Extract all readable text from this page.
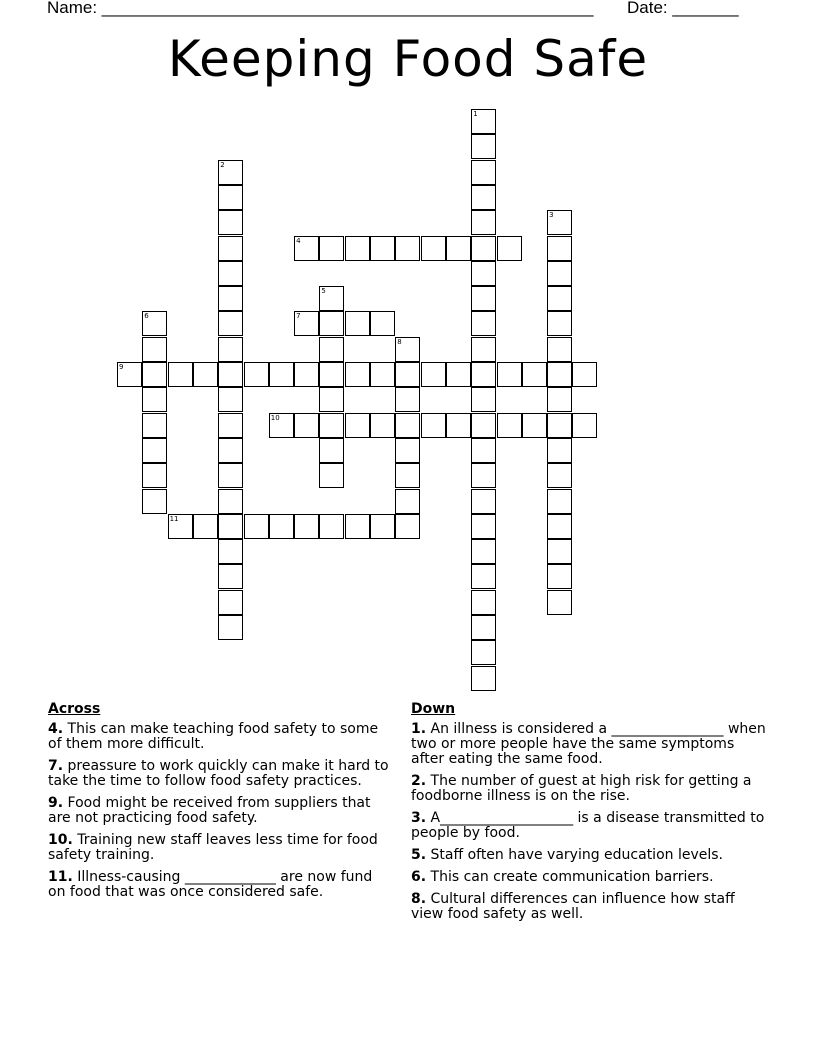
Name: ____________________________________________________ Date: _______
Keeping Food Safe
1
2
3
4
5
6	7
8
9
10
11
Across
4. This can make teaching food safety to some of them more difficult.
7. preassure to work quickly can make it hard to take the time to follow food safety practices.
9. Food might be received from suppliers that are not practicing food safety.
10. Training new staff leaves less time for food safety training.
11. Illness-causing _____________ are now fund on food that was once considered safe.
Down
1. An illness is considered a ________________ when two or more people have the same symptoms after eating the same food.
2. The number of guest at high risk for getting a foodborne illness is on the rise.
3. A___________________ is a disease transmitted to people by food.
5. Staff often have varying education levels.
6. This can create communication barriers.
8. Cultural differences can influence how staff view food safety as well.
